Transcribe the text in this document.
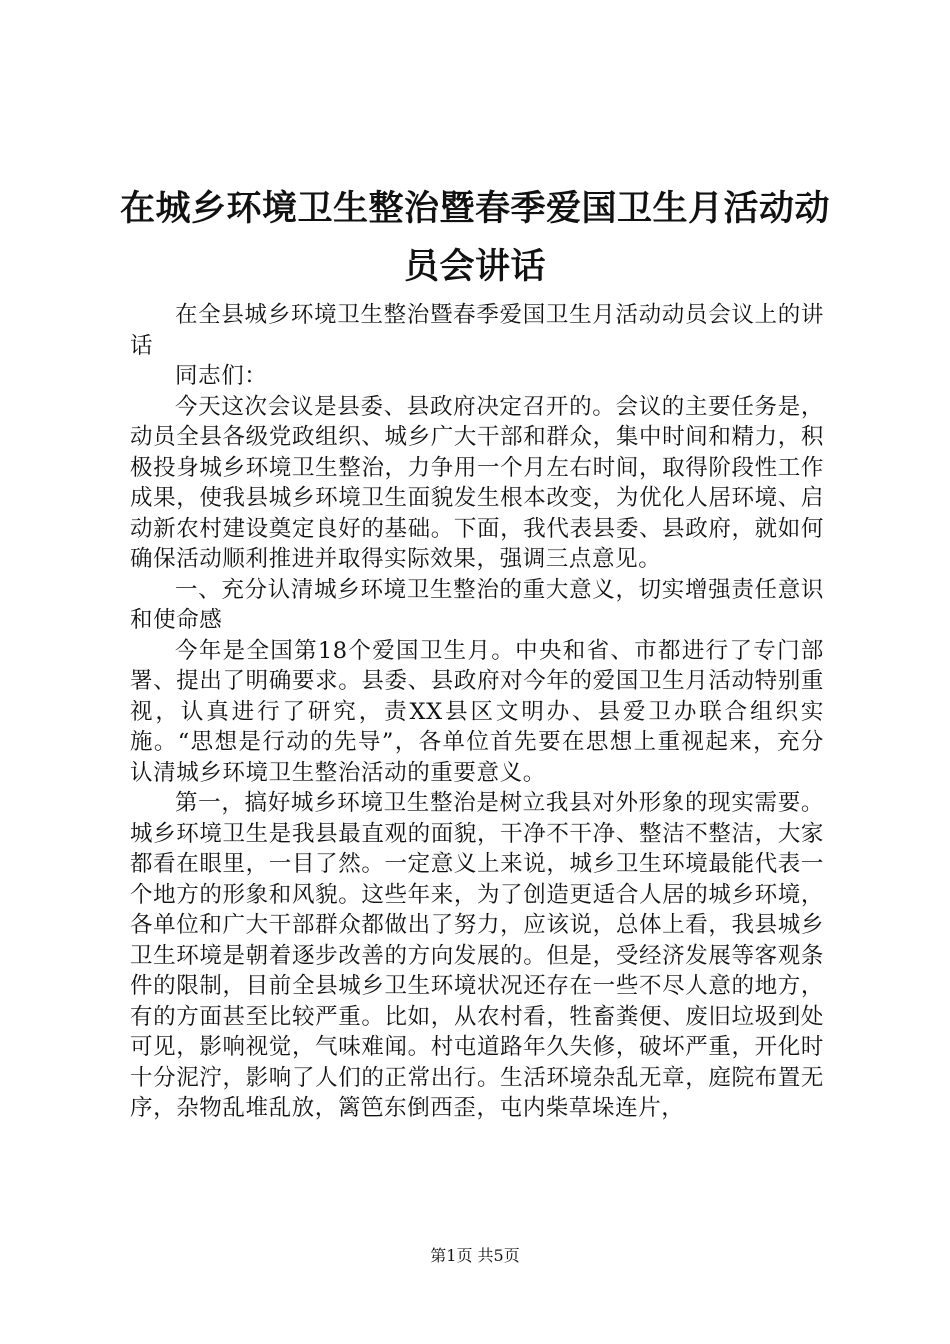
在城乡环境卫生整治暨春季爱国卫生月活动动员会讲话

在全县城乡环境卫生整治暨春季爱国卫生月活动动员会议上的讲话

同志们：

今天这次会议是县委、县政府决定召开的。会议的主要任务是，动员全县各级党政组织、城乡广大干部和群众，集中时间和精力，积极投身城乡环境卫生整治，力争用一个月左右时间，取得阶段性工作成果，使我县城乡环境卫生面貌发生根本改变，为优化人居环境、启动新农村建设奠定良好的基础。下面，我代表县委、县政府，就如何确保活动顺利推进并取得实际效果，强调三点意见。

一、充分认清城乡环境卫生整治的重大意义，切实增强责任意识和使命感

今年是全国第18个爱国卫生月。中央和省、市都进行了专门部署、提出了明确要求。县委、县政府对今年的爱国卫生月活动特别重视，认真进行了研究，责XX县区文明办、县爱卫办联合组织实施。“思想是行动的先导”，各单位首先要在思想上重视起来，充分认清城乡环境卫生整治活动的重要意义。

第一，搞好城乡环境卫生整治是树立我县对外形象的现实需要。城乡环境卫生是我县最直观的面貌，干净不干净、整洁不整洁，大家都看在眼里，一目了然。一定意义上来说，城乡卫生环境最能代表一个地方的形象和风貌。这些年来，为了创造更适合人居的城乡环境，各单位和广大干部群众都做出了努力，应该说，总体上看，我县城乡卫生环境是朝着逐步改善的方向发展的。但是，受经济发展等客观条件的限制，目前全县城乡卫生环境状况还存在一些不尽人意的地方，有的方面甚至比较严重。比如，从农村看，牲畜粪便、废旧垃圾到处可见，影响视觉，气味难闻。村屯道路年久失修，破坏严重，开化时十分泥泞，影响了人们的正常出行。生活环境杂乱无章，庭院布置无序，杂物乱堆乱放，篱笆东倒西歪，屯内柴草垛连片，

第1页 共5页
